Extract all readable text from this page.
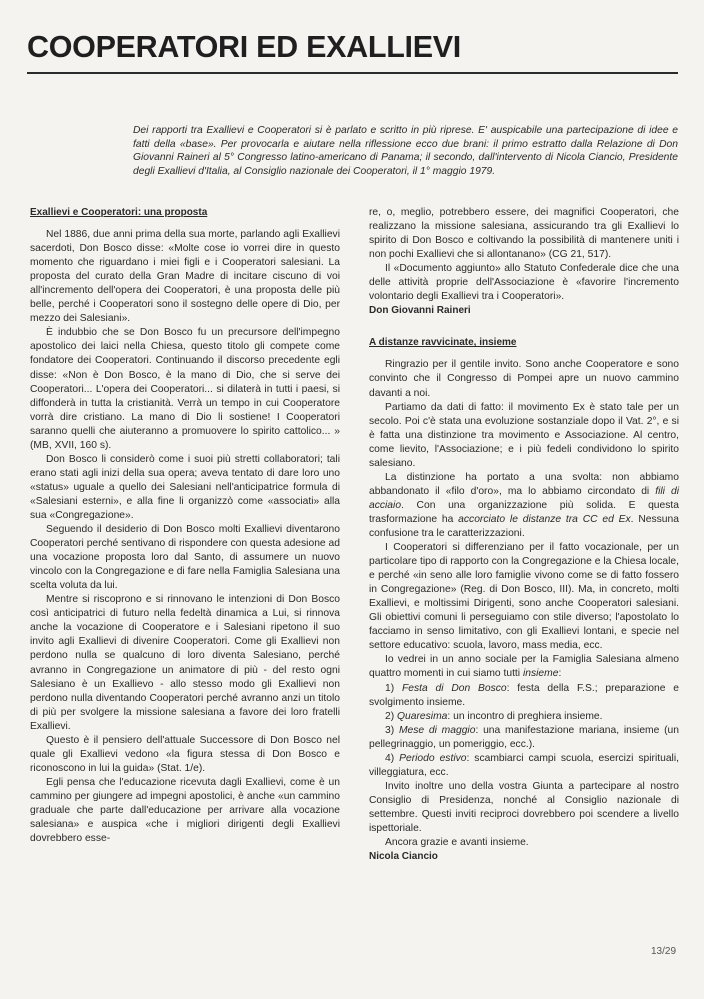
COOPERATORI ED EXALLIEVI

Dei rapporti tra Exallievi e Cooperatori si è parlato e scritto in più riprese. E' auspicabile una partecipazione di idee e fatti della «base». Per provocarla e aiutare nella riflessione ecco due brani: il primo estratto dalla Relazione di Don Giovanni Raineri al 5° Congresso latino-americano di Panama; il secondo, dall'intervento di Nicola Ciancio, Presidente degli Exallievi d'Italia, al Consiglio nazionale dei Cooperatori, il 1° maggio 1979.

Exallievi e Cooperatori: una proposta

Nel 1886, due anni prima della sua morte, parlando agli Exallievi sacerdoti, Don Bosco disse: «Molte cose io vorrei dire in questo momento che riguardano i miei figli e i Cooperatori salesiani. La proposta del curato della Gran Madre di incitare ciscuno di voi all'incremento dell'opera dei Cooperatori, è una proposta delle più belle, perché i Cooperatori sono il sostegno delle opere di Dio, per mezzo dei Salesiani».

È indubbio che se Don Bosco fu un precursore dell'impegno apostolico dei laici nella Chiesa, questo titolo gli compete come fondatore dei Cooperatori. Continuando il discorso precedente egli disse: «Non è Don Bosco, è la mano di Dio, che si serve dei Cooperatori... L'opera dei Cooperatori... si dilaterà in tutti i paesi, si diffonderà in tutta la cristianità. Verrà un tempo in cui Cooperatore vorrà dire cristiano. La mano di Dio li sostiene! I Cooperatori saranno quelli che aiuteranno a promuovere lo spirito cattolico... » (MB, XVII, 160 s).

Don Bosco li considerò come i suoi più stretti collaboratori; tali erano stati agli inizi della sua opera; aveva tentato di dare loro uno «status» uguale a quello dei Salesiani nell'anticipatrice formula di «Salesiani esterni», e alla fine li organizzò come «associati» alla sua «Congregazione».

Seguendo il desiderio di Don Bosco molti Exallievi diventarono Cooperatori perché sentivano di rispondere con questa adesione ad una vocazione proposta loro dal Santo, di assumere un nuovo vincolo con la Congregazione e di fare nella Famiglia Salesiana una scelta voluta da lui.

Mentre si riscoprono e si rinnovano le intenzioni di Don Bosco così anticipatrici di futuro nella fedeltà dinamica a Lui, si rinnova anche la vocazione di Cooperatore e i Salesiani ripetono il suo invito agli Exallievi di divenire Cooperatori. Come gli Exallievi non perdono nulla se qualcuno di loro diventa Salesiano, perché avranno in Congregazione un animatore di più - del resto ogni Salesiano è un Exallievo - allo stesso modo gli Exallievi non perdono nulla diventando Cooperatori perché avranno anzi un titolo di più per svolgere la missione salesiana a favore dei loro fratelli Exallievi.

Questo è il pensiero dell'attuale Successore di Don Bosco nel quale gli Exallievi vedono «la figura stessa di Don Bosco e riconoscono in lui la guida» (Stat. 1/e).

Egli pensa che l'educazione ricevuta dagli Exallievi, come è un cammino per giungere ad impegni apostolici, è anche «un cammino graduale che parte dall'educazione per arrivare alla vocazione salesiana» e auspica «che i migliori dirigenti degli Exallievi dovrebbero esse-

re, o, meglio, potrebbero essere, dei magnifici Cooperatori, che realizzano la missione salesiana, assicurando tra gli Exallievi lo spirito di Don Bosco e coltivando la possibilità di mantenere uniti i non pochi Exallievi che si allontanano» (CG 21, 517).

Il «Documento aggiunto» allo Statuto Confederale dice che una delle attività proprie dell'Associazione è «favorire l'incremento volontario degli Exallievi tra i Cooperatori».

Don Giovanni Raineri

A distanze ravvicinate, insieme

Ringrazio per il gentile invito. Sono anche Cooperatore e sono convinto che il Congresso di Pompei apre un nuovo cammino davanti a noi.

Partiamo da dati di fatto: il movimento Ex è stato tale per un secolo. Poi c'è stata una evoluzione sostanziale dopo il Vat. 2°, e si è fatta una distinzione tra movimento e Associazione. Al centro, come lievito, l'Associazione; e i più fedeli condividono lo spirito salesiano.

La distinzione ha portato a una svolta: non abbiamo abbandonato il «filo d'oro», ma lo abbiamo circondato di fili di acciaio. Con una organizzazione più solida. E questa trasformazione ha accorciato le distanze tra CC ed Ex. Nessuna confusione tra le caratterizzazioni.

I Cooperatori si differenziano per il fatto vocazionale, per un particolare tipo di rapporto con la Congregazione e la Chiesa locale, e perché «in seno alle loro famiglie vivono come se di fatto fossero in Congregazione» (Reg. di Don Bosco, III). Ma, in concreto, molti Exallievi, e moltissimi Dirigenti, sono anche Cooperatori salesiani. Gli obiettivi comuni li perseguiamo con stile diverso; l'apostolato lo facciamo in senso limitativo, con gli Exallievi lontani, e specie nel settore educativo: scuola, lavoro, mass media, ecc.

Io vedrei in un anno sociale per la Famiglia Salesiana almeno quattro momenti in cui siamo tutti insieme:

1) Festa di Don Bosco: festa della F.S.; preparazione e svolgimento insieme.

2) Quaresima: un incontro di preghiera insieme.

3) Mese di maggio: una manifestazione mariana, insieme (un pellegrinaggio, un pomeriggio, ecc.).

4) Periodo estivo: scambiarci campi scuola, esercizi spirituali, villeggiatura, ecc.

Invito inoltre uno della vostra Giunta a partecipare al nostro Consiglio di Presidenza, nonché al Consiglio nazionale di settembre. Questi inviti reciproci dovrebbero poi scendere a livello ispettoriale.

Ancora grazie e avanti insieme.

Nicola Ciancio

13/29
